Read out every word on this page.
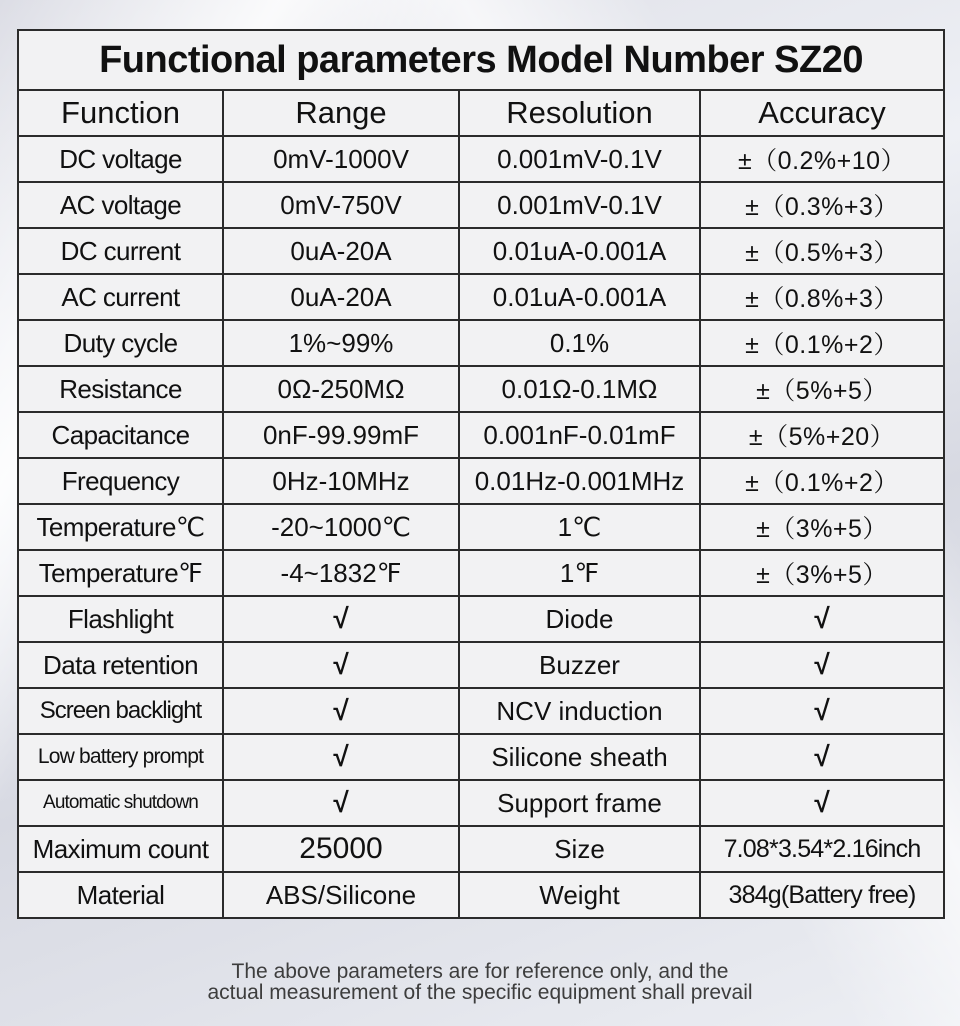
Functional parameters Model Number SZ20			
Function	Range	Resolution	Accuracy
DC voltage	0mV-1000V	0.001mV-0.1V	±（0.2%+10）
AC voltage	0mV-750V	0.001mV-0.1V	±（0.3%+3）
DC current	0uA-20A	0.01uA-0.001A	±（0.5%+3）
AC current	0uA-20A	0.01uA-0.001A	±（0.8%+3）
Duty cycle	1%~99%	0.1%	±（0.1%+2）
Resistance	0Ω-250MΩ	0.01Ω-0.1MΩ	±（5%+5）
Capacitance	0nF-99.99mF	0.001nF-0.01mF	±（5%+20）
Frequency	0Hz-10MHz	0.01Hz-0.001MHz	±（0.1%+2）
Temperature℃	-20~1000℃	1℃	±（3%+5）
Temperature℉	-4~1832℉	1℉	±（3%+5）
Flashlight	√	Diode	√
Data retention	√	Buzzer	√
Screen backlight	√	NCV induction	√
Low battery prompt	√	Silicone sheath	√
Automatic shutdown	√	Support frame	√
Maximum count	25000	Size	7.08*3.54*2.16inch
Material	ABS/Silicone	Weight	384g(Battery free)
The above parameters are for reference only, and the
actual measurement of the specific equipment shall prevail
